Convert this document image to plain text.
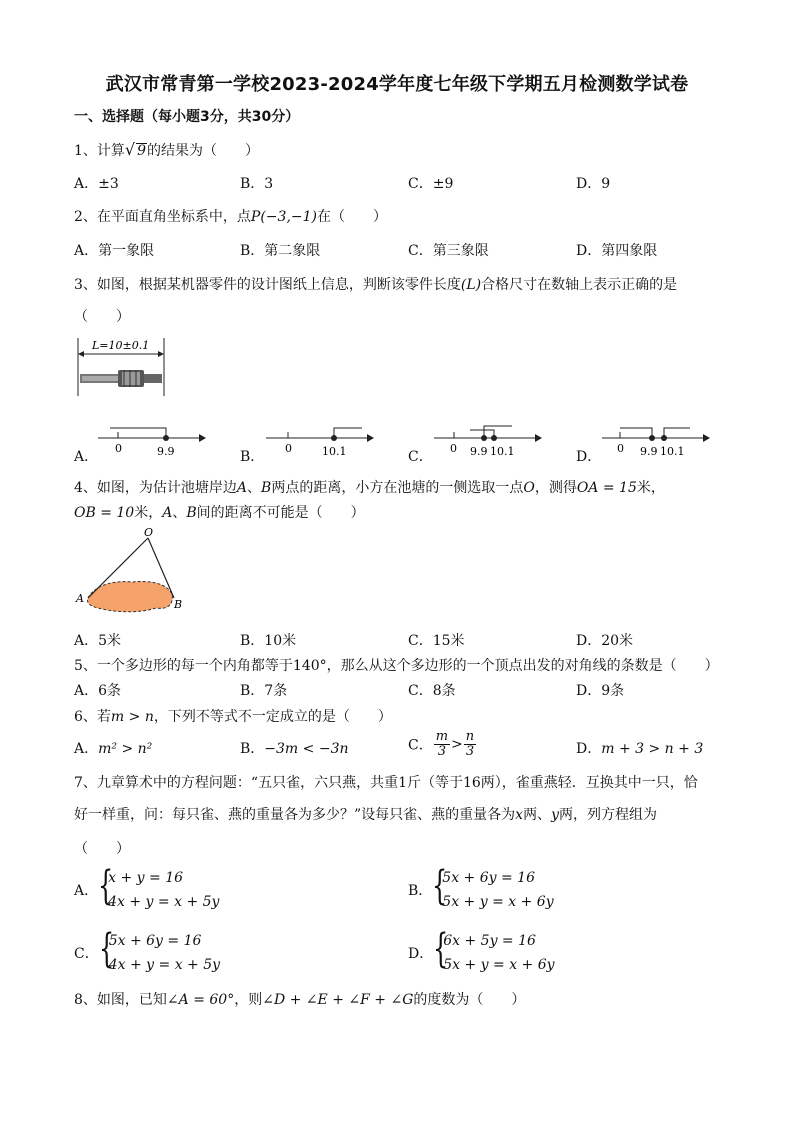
武汉市常青第一学校2023-2024学年度七年级下学期五月检测数学试卷
一、选择题（每小题3分，共30分）
1、计算√ 9的结果为（　　）
A．±3	B．3	C．±9	D．9
2、在平面直角坐标系中，点P(−3,−1)在（　　）
A．第一象限	B．第二象限	C．第三象限	D．第四象限
3、如图，根据某机器零件的设计图纸上信息，判断该零件长度(L)合格尺寸在数轴上表示正确的是
（　　）
L=10±0.1
A．
0	9.9	B．
0	10.1	C．
0 9.9 10.1	D．
0 9.9 10.1
4、如图，为估计池塘岸边A、B两点的距离，小方在池塘的一侧选取一点O，测得OA = 15米，
OB = 10米，A、B间的距离不可能是（　　）
O
A	B
A．5米	B．10米	C．15米	D．20米
5、一个多边形的每一个内角都等于140°，那么从这个多边形的一个顶点出发的对角线的条数是（　　）
A．6条	B．7条	C．8条	D．9条
6、若m > n，下列不等式不一定成立的是（　　）
A．m² > n²	B．−3m < −3n	C． $\frac{m}{3} > \frac{n}{3}$	D．m + 3 > n + 3
7、九章算术中的方程问题：“五只雀，六只燕，共重1斤（等于16两），雀重燕轻．互换其中一只，恰
好一样重，问：每只雀、燕的重量各为多少？”设每只雀、燕的重量各为x两、y两，列方程组为
（　　）
A． {
x + y = 16
4x + y = x + 5y
B． {
5x + 6y = 16
5x + y = x + 6y
C． {
5x + 6y = 16
4x + y = x + 5y
D． {
6x + 5y = 16
5x + y = x + 6y
8、如图，已知∠A = 60°，则∠D + ∠E + ∠F + ∠G的度数为（　　）
